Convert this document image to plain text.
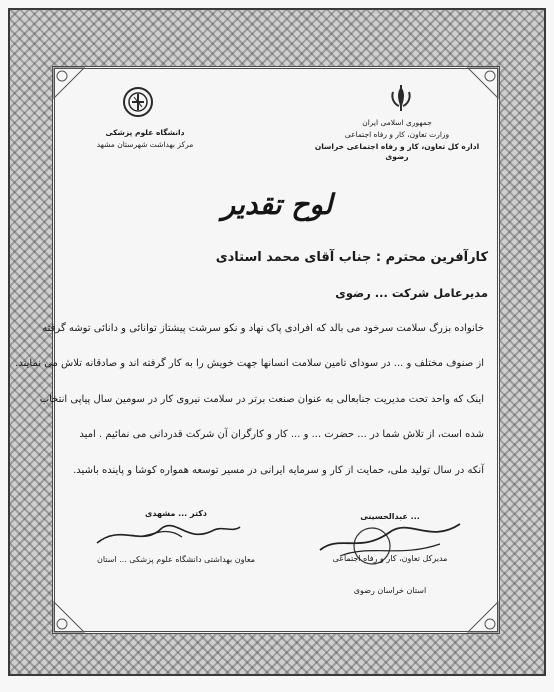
جمهوری اسلامی ایران
وزارت تعاون، کار و رفاه اجتماعی
اداره کل تعاون، کار و رفاه اجتماعی خراسان رضوی
دانشگاه علوم پزشکی
مرکز بهداشت شهرستان مشهد
لوح تقدیر
کارآفرین محترم : جناب آقای محمد استادی
مدیرعامل شرکت ... رضوی
خانواده بزرگ سلامت سرخود می بالد که افرادی پاک نهاد و نکو سرشت پیشتاز توانائی و دانائی توشه گرفته
از صنوف مختلف و ... در سودای تامین سلامت انسانها جهت خویش را به کار گرفته اند و صادقانه تلاش می نمایند.
اینک که واحد تحت مدیریت جنابعالی به عنوان صنعت برتر در سلامت نیروی کار در سومین سال پیاپی انتخاب
شده است، از تلاش شما در ... حضرت ... و ... کار و کارگران آن شرکت قدردانی می نمائیم . امید
آنکه در سال تولید ملی، حمایت از کار و سرمایه ایرانی در مسیر توسعه همواره کوشا و پاینده باشید.
دکتر ... مشهدی
معاون بهداشتی دانشگاه علوم پزشکی ... استان
... عبدالحسینی
مدیرکل تعاون، کار و رفاه اجتماعی
استان خراسان رضوی
